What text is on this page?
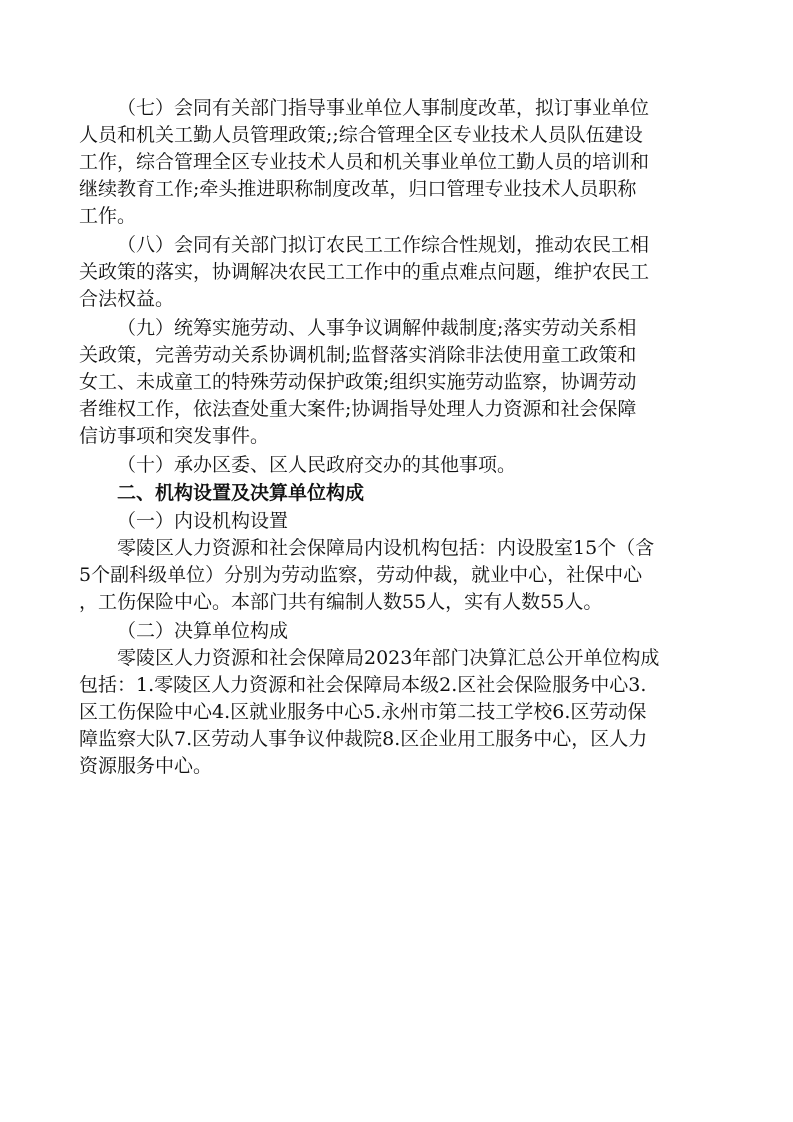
（七）会同有关部门指导事业单位人事制度改革，拟订事业单位
人员和机关工勤人员管理政策;;综合管理全区专业技术人员队伍建设
工作，综合管理全区专业技术人员和机关事业单位工勤人员的培训和
继续教育工作;牵头推进职称制度改革，归口管理专业技术人员职称
工作。
（八）会同有关部门拟订农民工工作综合性规划，推动农民工相
关政策的落实，协调解决农民工工作中的重点难点问题，维护农民工
合法权益。
（九）统筹实施劳动、人事争议调解仲裁制度;落实劳动关系相
关政策，完善劳动关系协调机制;监督落实消除非法使用童工政策和
女工、未成童工的特殊劳动保护政策;组织实施劳动监察，协调劳动
者维权工作，依法查处重大案件;协调指导处理人力资源和社会保障
信访事项和突发事件。
（十）承办区委、区人民政府交办的其他事项。
二、机构设置及决算单位构成
（一）内设机构设置
零陵区人力资源和社会保障局内设机构包括：内设股室15个（含
5个副科级单位）分别为劳动监察，劳动仲裁，就业中心，社保中心
，工伤保险中心。本部门共有编制人数55人，实有人数55人。
（二）决算单位构成
零陵区人力资源和社会保障局2023年部门决算汇总公开单位构成
包括：1.零陵区人力资源和社会保障局本级2.区社会保险服务中心3.
区工伤保险中心4.区就业服务中心5.永州市第二技工学校6.区劳动保
障监察大队7.区劳动人事争议仲裁院8.区企业用工服务中心，区人力
资源服务中心。
